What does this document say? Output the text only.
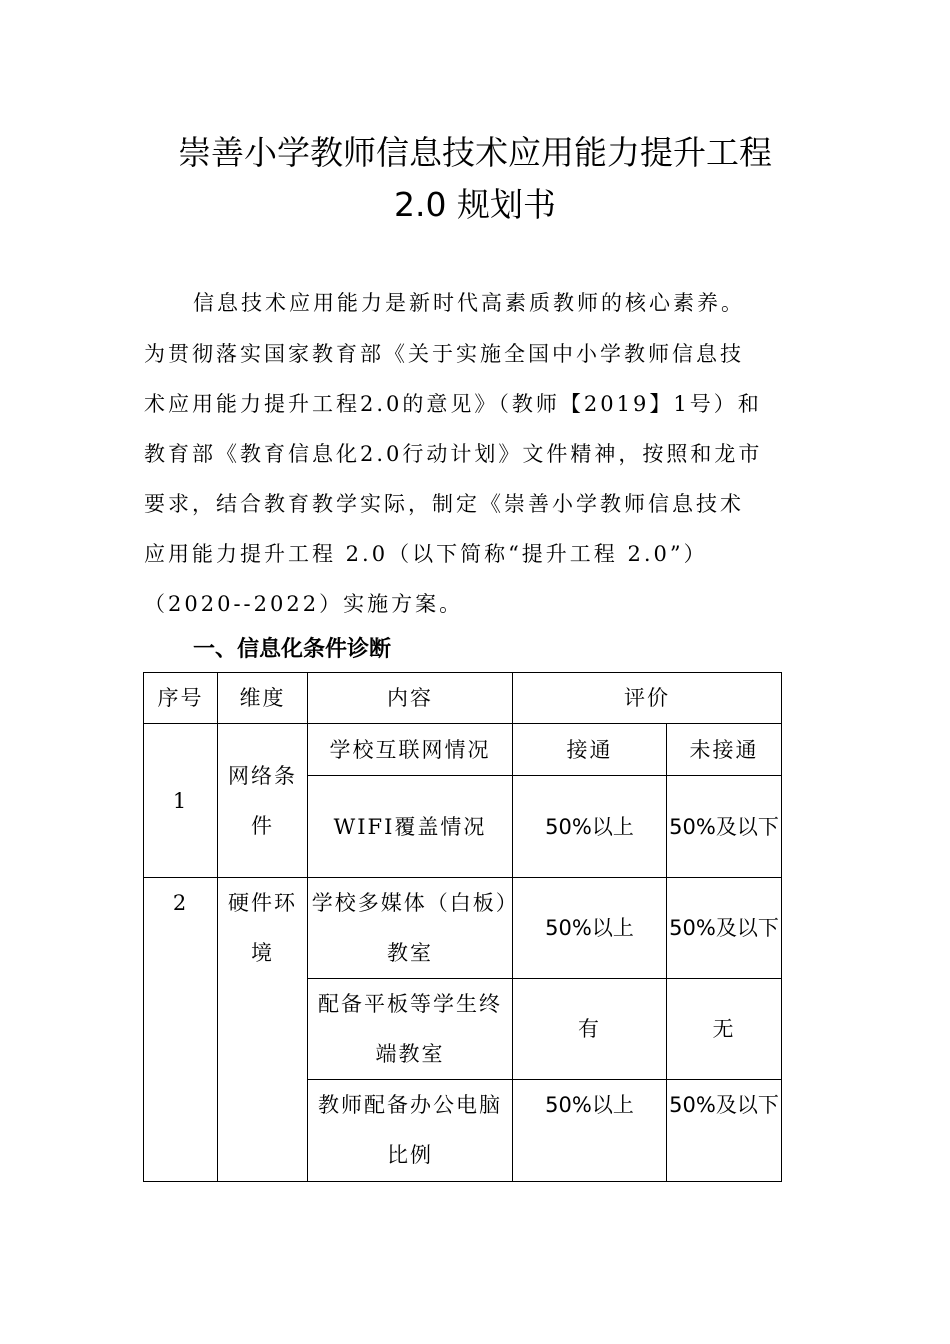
崇善小学教师信息技术应用能力提升工程
2.0 规划书
信息技术应用能力是新时代高素质教师的核心素养。
为贯彻落实国家教育部《关于实施全国中小学教师信息技
术应用能力提升工程2.0的意见》（教师【2019】1号）和
教育部《教育信息化2.0行动计划》文件精神，按照和龙市
要求，结合教育教学实际，制定《崇善小学教师信息技术
应用能力提升工程 2.0（以下简称“提升工程 2.0”）
（2020--2022）实施方案。
一、信息化条件诊断
序号	维度	内容	评价	
1	网络条件	学校互联网情况	接通	未接通
		WIFI覆盖情况	50%以上	50%及以下
2	硬件环境	学校多媒体（白板）教室	50%以上	50%及以下
		配备平板等学生终端教室	有	无
		教师配备办公电脑比例	50%以上	50%及以下
